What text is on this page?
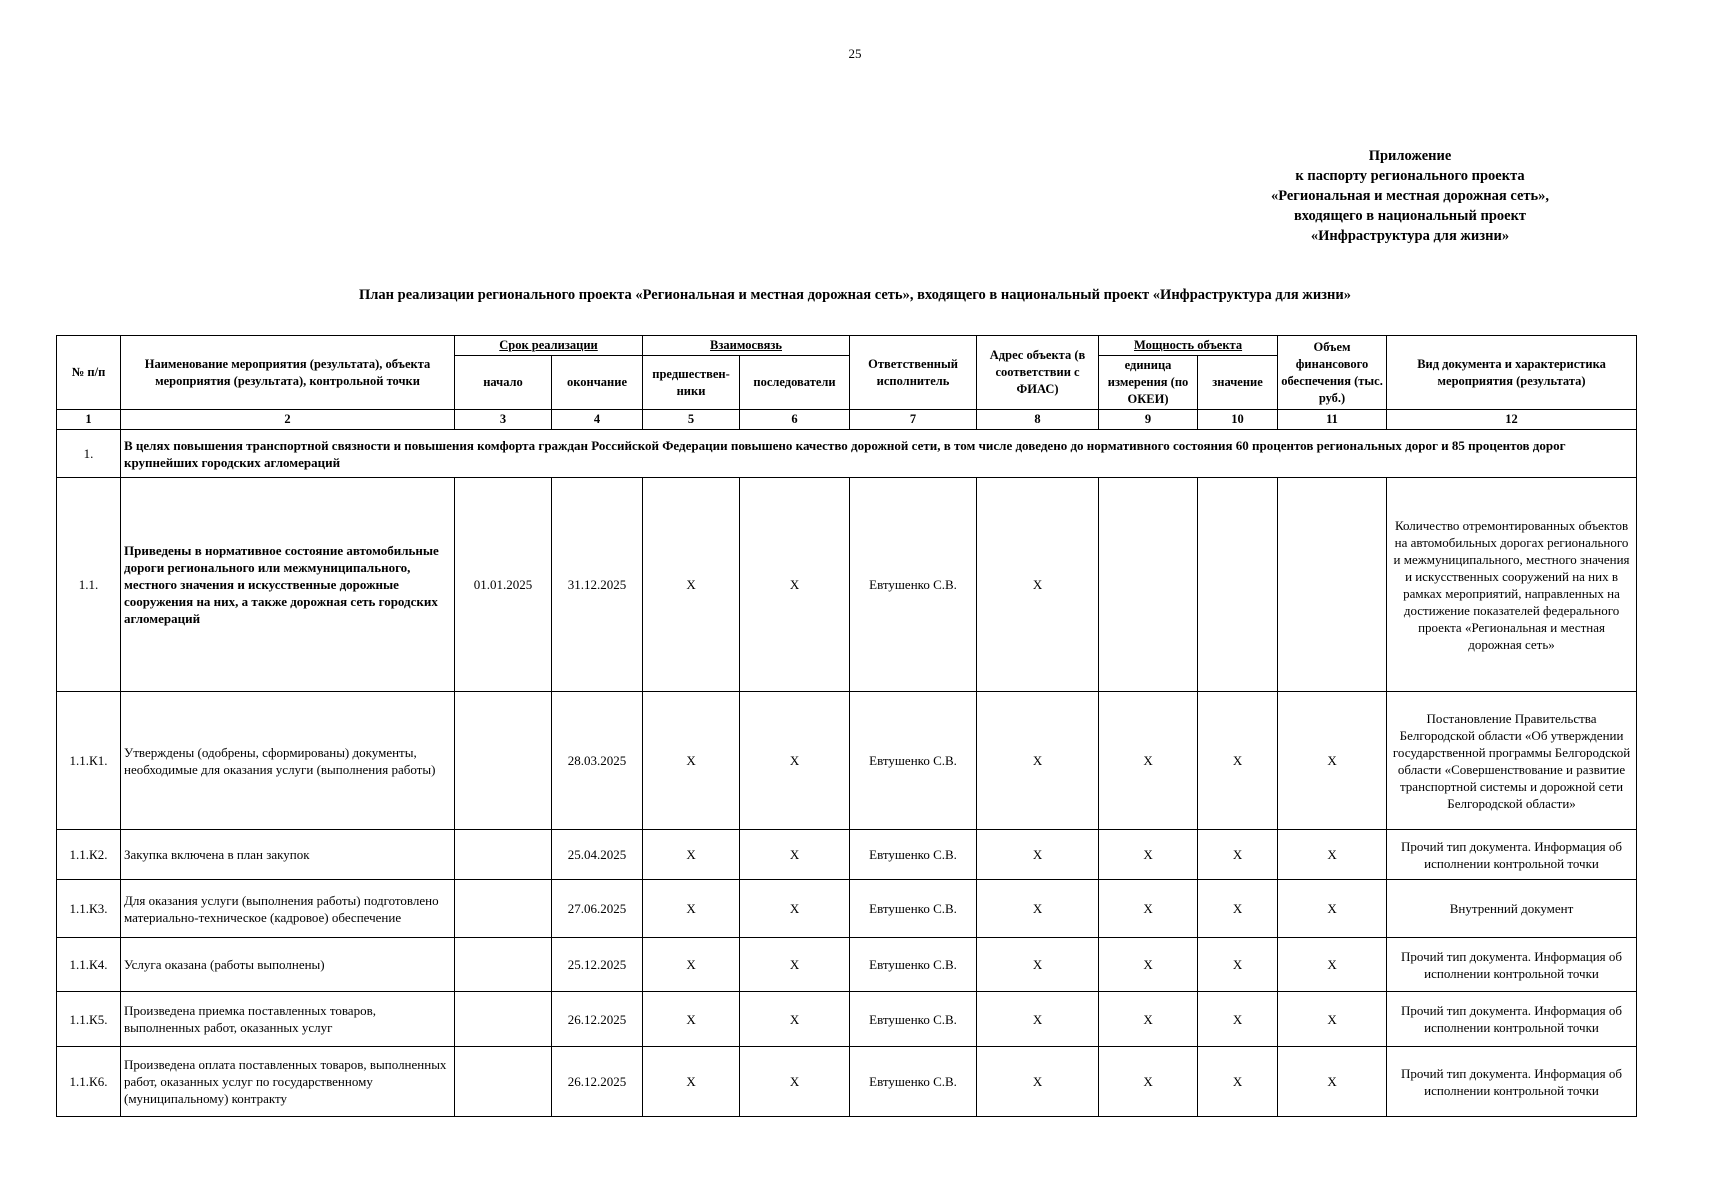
25
Приложение
к паспорту регионального проекта
«Региональная и местная дорожная сеть»,
входящего в национальный проект
«Инфраструктура для жизни»
План реализации регионального проекта «Региональная и местная дорожная сеть», входящего в национальный проект «Инфраструктура для жизни»
№ п/п	Наименование мероприятия (результата), объекта мероприятия (результата), контрольной точки	Срок реализации		Взаимосвязь		Ответственный исполнитель	Адрес объекта (в соответствии с ФИАС)	Мощность объекта		Объем финансового обеспечения (тыс. руб.)	Вид документа и характеристика мероприятия (результата)
		начало	окончание	предшествен-ники	последователи			единица измерения (по ОКЕИ)	значение		
1	2	3	4	5	6	7	8	9	10	11	12
1.	В целях повышения транспортной связности и повышения комфорта граждан Российской Федерации повышено качество дорожной сети, в том числе доведено до нормативного состояния 60 процентов региональных дорог и 85 процентов дорог крупнейших городских агломераций										
1.1.	Приведены в нормативное состояние автомобильные дороги регионального или межмуниципального, местного значения и искусственные дорожные сооружения на них, а также дорожная сеть городских агломераций	01.01.2025	31.12.2025	X	X	Евтушенко С.В.	X				Количество отремонтированных объектов на автомобильных дорогах регионального и межмуниципального, местного значения и искусственных сооружений на них в рамках мероприятий, направленных на достижение показателей федерального проекта «Региональная и местная дорожная сеть»
1.1.К1.	Утверждены (одобрены, сформированы) документы, необходимые для оказания услуги (выполнения работы)		28.03.2025	X	X	Евтушенко С.В.	X	X	X	X	Постановление Правительства Белгородской области «Об утверждении государственной программы Белгородской области «Совершенствование и развитие транспортной системы и дорожной сети Белгородской области»
1.1.К2.	Закупка включена в план закупок		25.04.2025	X	X	Евтушенко С.В.	X	X	X	X	Прочий тип документа. Информация об исполнении контрольной точки
1.1.К3.	Для оказания услуги (выполнения работы) подготовлено материально-техническое (кадровое) обеспечение		27.06.2025	X	X	Евтушенко С.В.	X	X	X	X	Внутренний документ
1.1.К4.	Услуга оказана (работы выполнены)		25.12.2025	X	X	Евтушенко С.В.	X	X	X	X	Прочий тип документа. Информация об исполнении контрольной точки
1.1.К5.	Произведена приемка поставленных товаров, выполненных работ, оказанных услуг		26.12.2025	X	X	Евтушенко С.В.	X	X	X	X	Прочий тип документа. Информация об исполнении контрольной точки
1.1.К6.	Произведена оплата поставленных товаров, выполненных работ, оказанных услуг по государственному (муниципальному) контракту		26.12.2025	X	X	Евтушенко С.В.	X	X	X	X	Прочий тип документа. Информация об исполнении контрольной точки
